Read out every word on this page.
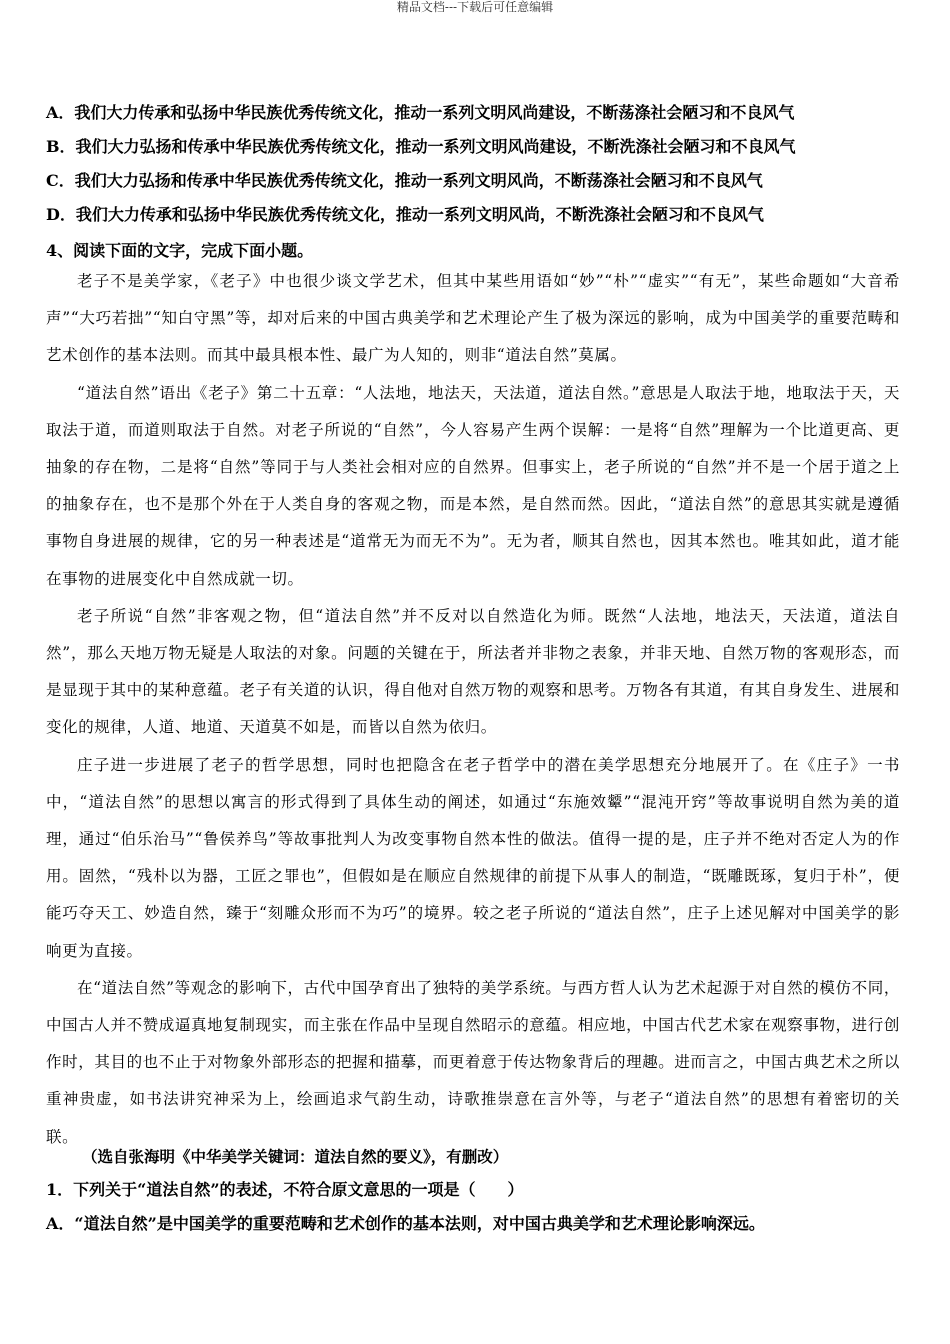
精品文档---下载后可任意编辑
A．我们大力传承和弘扬中华民族优秀传统文化，推动一系列文明风尚建设，不断荡涤社会陋习和不良风气
B．我们大力弘扬和传承中华民族优秀传统文化，推动一系列文明风尚建设，不断洗涤社会陋习和不良风气
C．我们大力弘扬和传承中华民族优秀传统文化，推动一系列文明风尚，不断荡涤社会陋习和不良风气
D．我们大力传承和弘扬中华民族优秀传统文化，推动一系列文明风尚，不断洗涤社会陋习和不良风气
4、阅读下面的文字，完成下面小题。

老子不是美学家，《老子》中也很少谈文学艺术，但其中某些用语如“妙”“朴”“虚实”“有无”，某些命题如“大音希声”“大巧若拙”“知白守黑”等，却对后来的中国古典美学和艺术理论产生了极为深远的影响，成为中国美学的重要范畴和艺术创作的基本法则。而其中最具根本性、最广为人知的，则非“道法自然”莫属。

“道法自然”语出《老子》第二十五章：“人法地，地法天，天法道，道法自然。”意思是人取法于地，地取法于天，天取法于道，而道则取法于自然。对老子所说的“自然”，今人容易产生两个误解：一是将“自然”理解为一个比道更高、更抽象的存在物，二是将“自然”等同于与人类社会相对应的自然界。但事实上，老子所说的“自然”并不是一个居于道之上的抽象存在，也不是那个外在于人类自身的客观之物，而是本然，是自然而然。因此，“道法自然”的意思其实就是遵循事物自身进展的规律，它的另一种表述是“道常无为而无不为”。无为者，顺其自然也，因其本然也。唯其如此，道才能在事物的进展变化中自然成就一切。

老子所说“自然”非客观之物，但“道法自然”并不反对以自然造化为师。既然“人法地，地法天，天法道，道法自然”，那么天地万物无疑是人取法的对象。问题的关键在于，所法者并非物之表象，并非天地、自然万物的客观形态，而是显现于其中的某种意蕴。老子有关道的认识，得自他对自然万物的观察和思考。万物各有其道，有其自身发生、进展和变化的规律，人道、地道、天道莫不如是，而皆以自然为依归。

庄子进一步进展了老子的哲学思想，同时也把隐含在老子哲学中的潜在美学思想充分地展开了。在《庄子》一书中，“道法自然”的思想以寓言的形式得到了具体生动的阐述，如通过“东施效颦”“混沌开窍”等故事说明自然为美的道理，通过“伯乐治马”“鲁侯养鸟”等故事批判人为改变事物自然本性的做法。值得一提的是，庄子并不绝对否定人为的作用。固然，“残朴以为器，工匠之罪也”，但假如是在顺应自然规律的前提下从事人的制造，“既雕既琢，复归于朴”，便能巧夺天工、妙造自然，臻于“刻雕众形而不为巧”的境界。较之老子所说的“道法自然”，庄子上述见解对中国美学的影响更为直接。

在“道法自然”等观念的影响下，古代中国孕育出了独特的美学系统。与西方哲人认为艺术起源于对自然的模仿不同，中国古人并不赞成逼真地复制现实，而主张在作品中呈现自然昭示的意蕴。相应地，中国古代艺术家在观察事物，进行创作时，其目的也不止于对物象外部形态的把握和描摹，而更着意于传达物象背后的理趣。进而言之，中国古典艺术之所以重神贵虚，如书法讲究神采为上，绘画追求气韵生动，诗歌推崇意在言外等，与老子“道法自然”的思想有着密切的关联。

（选自张海明《中华美学关键词：道法自然的要义》，有删改）
1．下列关于“道法自然”的表述，不符合原文意思的一项是（　　）
A．“道法自然”是中国美学的重要范畴和艺术创作的基本法则，对中国古典美学和艺术理论影响深远。
